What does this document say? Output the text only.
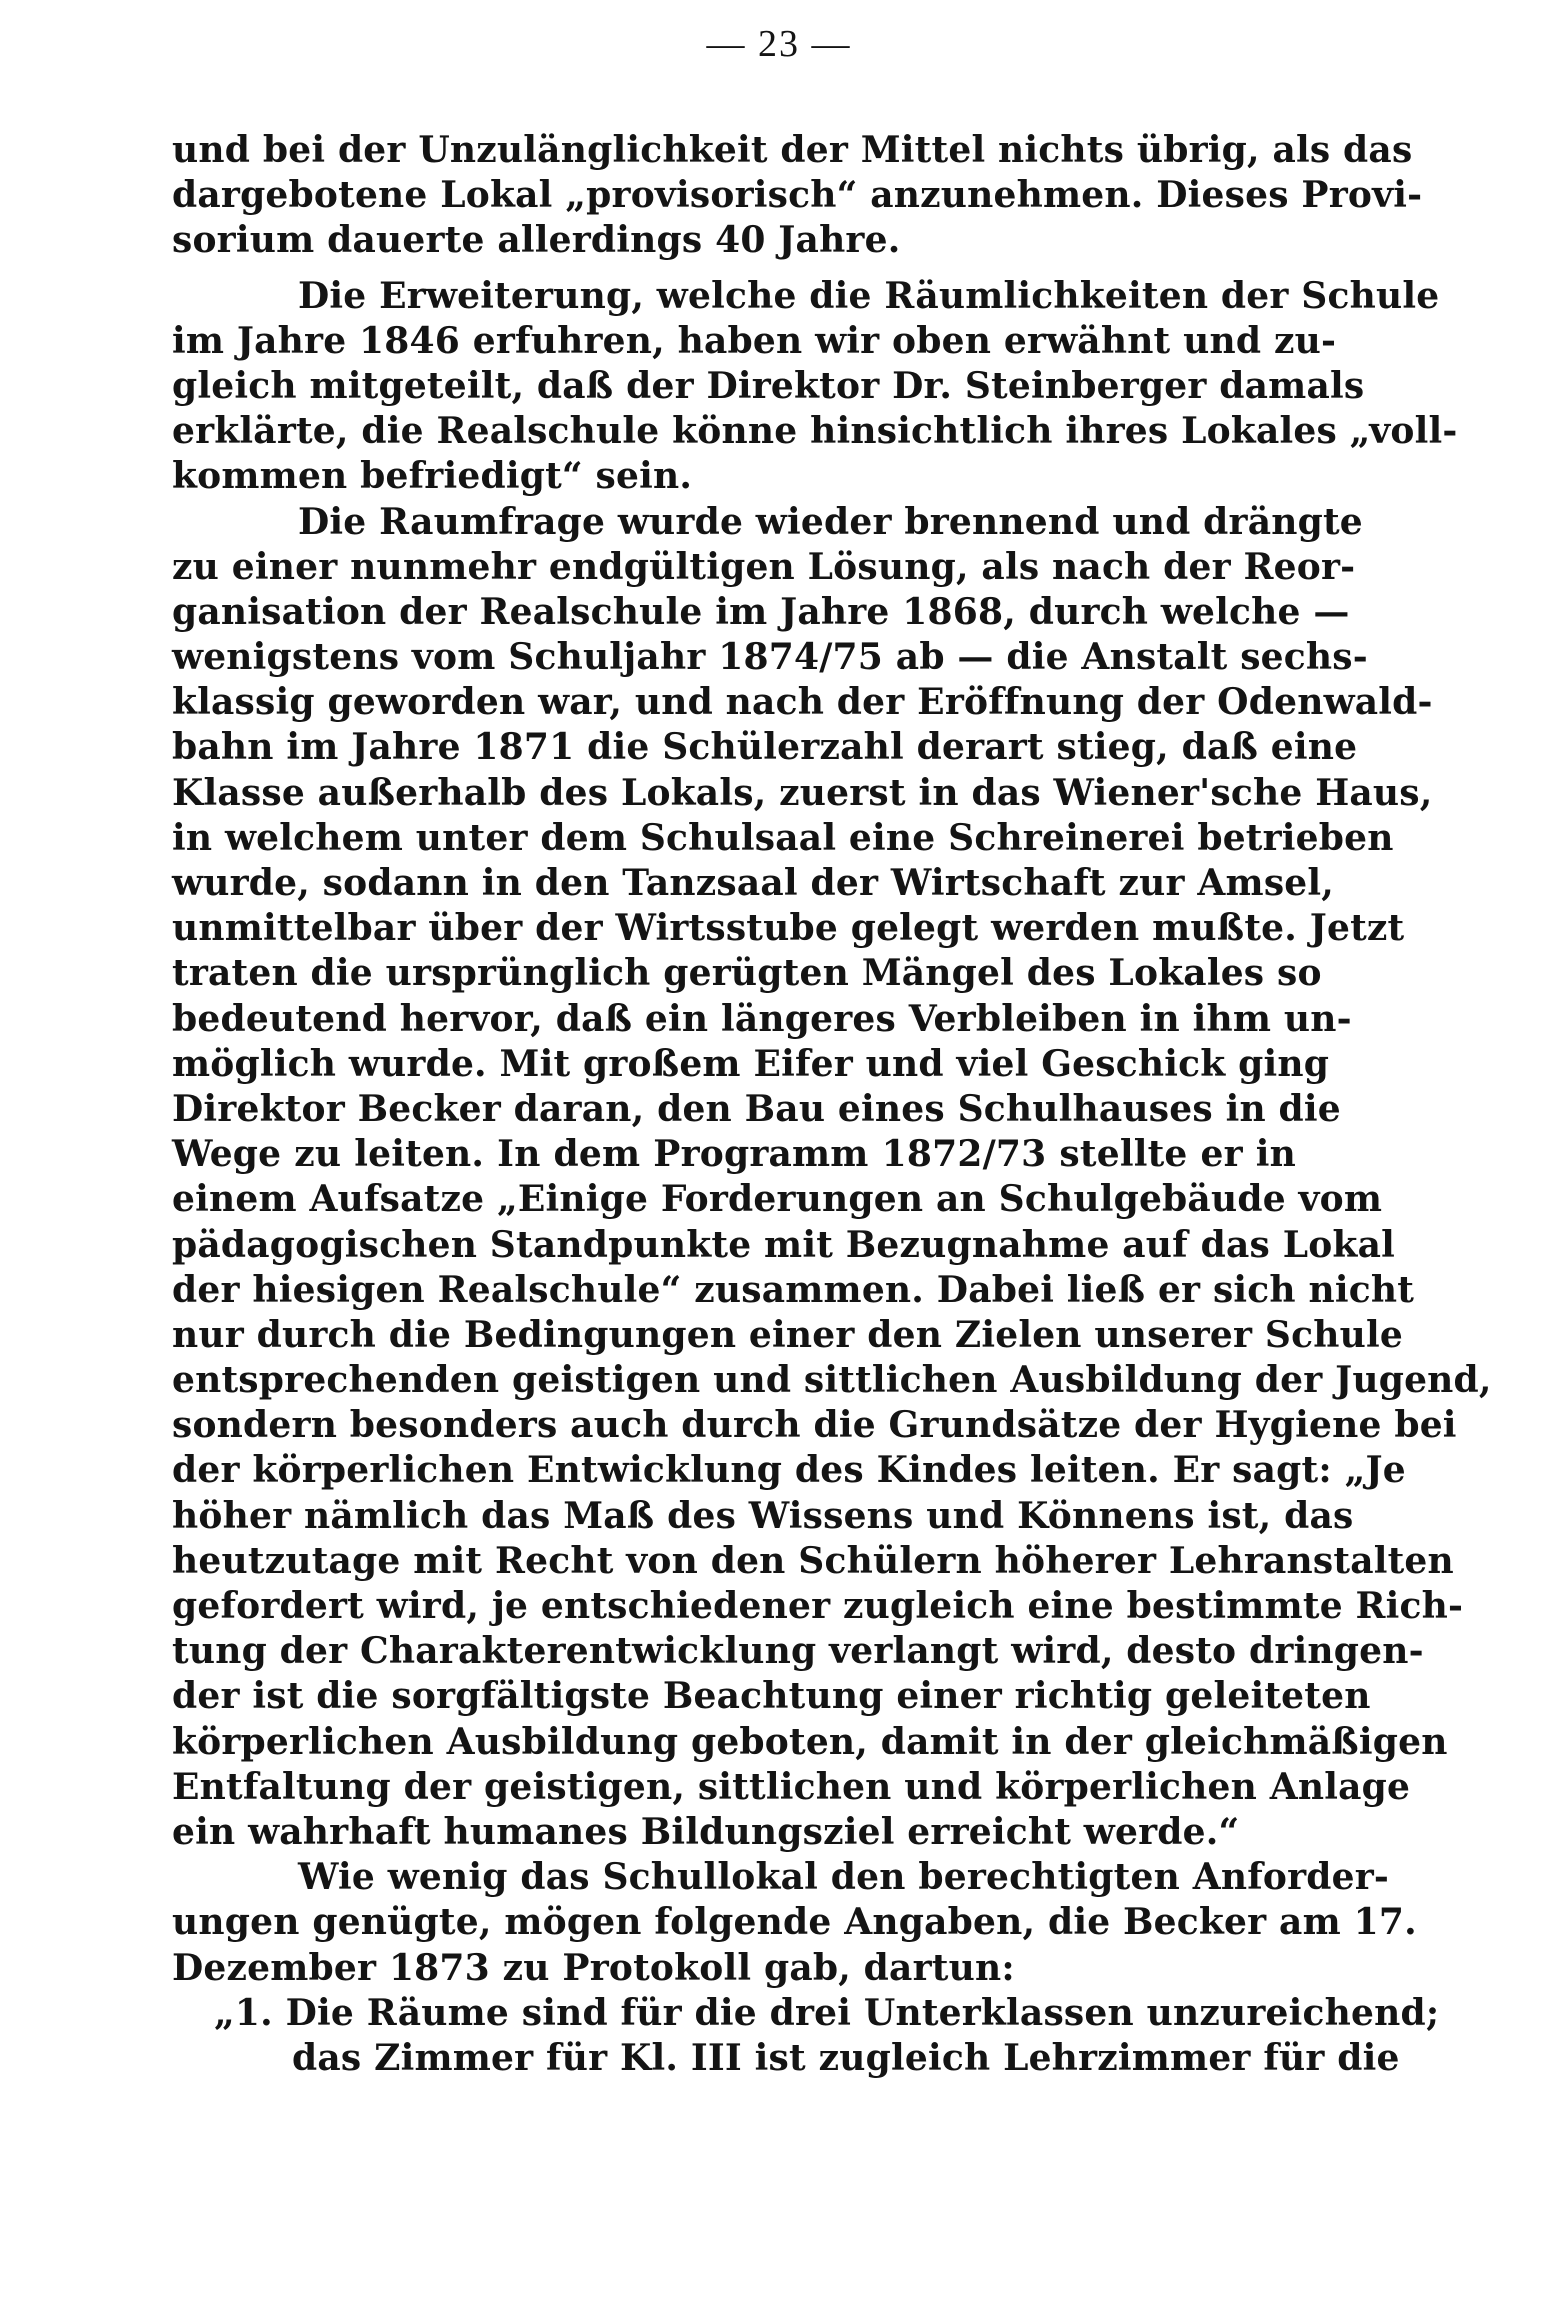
— 23 —
und bei der Unzulänglichkeit der Mittel nichts übrig, als das
dargebotene Lokal „provisorisch“ anzunehmen. Dieses Provi-
sorium dauerte allerdings 40 Jahre.
Die Erweiterung, welche die Räumlichkeiten der Schule
im Jahre 1846 erfuhren, haben wir oben erwähnt und zu-
gleich mitgeteilt, daß der Direktor Dr. Steinberger damals
erklärte, die Realschule könne hinsichtlich ihres Lokales „voll-
kommen befriedigt“ sein.
Die Raumfrage wurde wieder brennend und drängte
zu einer nunmehr endgültigen Lösung, als nach der Reor-
ganisation der Realschule im Jahre 1868, durch welche —
wenigstens vom Schuljahr 1874/75 ab — die Anstalt sechs-
klassig geworden war, und nach der Eröffnung der Odenwald-
bahn im Jahre 1871 die Schülerzahl derart stieg, daß eine
Klasse außerhalb des Lokals, zuerst in das Wiener'sche Haus,
in welchem unter dem Schulsaal eine Schreinerei betrieben
wurde, sodann in den Tanzsaal der Wirtschaft zur Amsel,
unmittelbar über der Wirtsstube gelegt werden mußte. Jetzt
traten die ursprünglich gerügten Mängel des Lokales so
bedeutend hervor, daß ein längeres Verbleiben in ihm un-
möglich wurde. Mit großem Eifer und viel Geschick ging
Direktor Becker daran, den Bau eines Schulhauses in die
Wege zu leiten. In dem Programm 1872/73 stellte er in
einem Aufsatze „Einige Forderungen an Schulgebäude vom
pädagogischen Standpunkte mit Bezugnahme auf das Lokal
der hiesigen Realschule“ zusammen. Dabei ließ er sich nicht
nur durch die Bedingungen einer den Zielen unserer Schule
entsprechenden geistigen und sittlichen Ausbildung der Jugend,
sondern besonders auch durch die Grundsätze der Hygiene bei
der körperlichen Entwicklung des Kindes leiten. Er sagt: „Je
höher nämlich das Maß des Wissens und Könnens ist, das
heutzutage mit Recht von den Schülern höherer Lehranstalten
gefordert wird, je entschiedener zugleich eine bestimmte Rich-
tung der Charakterentwicklung verlangt wird, desto dringen-
der ist die sorgfältigste Beachtung einer richtig geleiteten
körperlichen Ausbildung geboten, damit in der gleichmäßigen
Entfaltung der geistigen, sittlichen und körperlichen Anlage
ein wahrhaft humanes Bildungsziel erreicht werde.“
Wie wenig das Schullokal den berechtigten Anforder-
ungen genügte, mögen folgende Angaben, die Becker am 17.
Dezember 1873 zu Protokoll gab, dartun:
„1. Die Räume sind für die drei Unterklassen unzureichend;
das Zimmer für Kl. III ist zugleich Lehrzimmer für die
